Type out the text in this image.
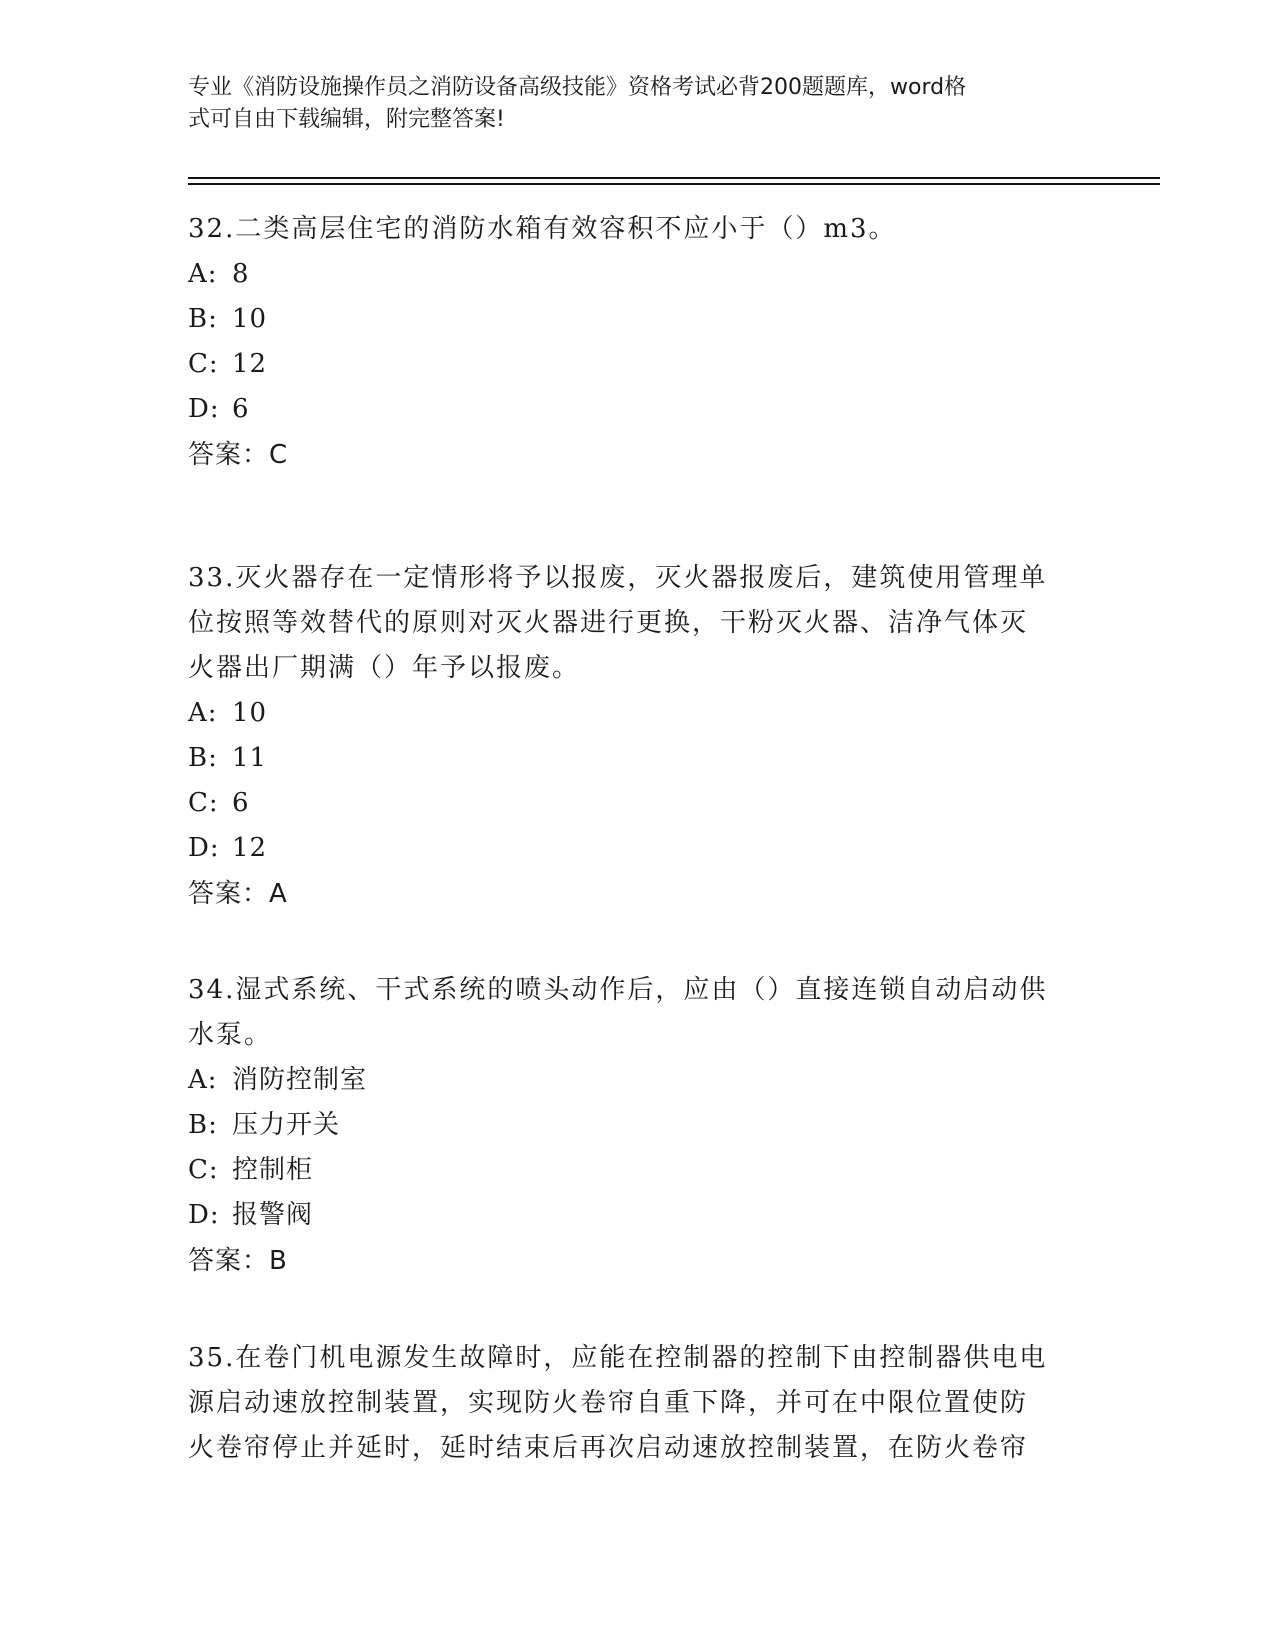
专业《消防设施操作员之消防设备高级技能》资格考试必背200题题库，word格
式可自由下载编辑，附完整答案!

32.二类高层住宅的消防水箱有效容积不应小于（）m3。

A: 8

B: 10

C: 12

D: 6

答案：C

33.灭火器存在一定情形将予以报废，灭火器报废后，建筑使用管理单

位按照等效替代的原则对灭火器进行更换，干粉灭火器、洁净气体灭

火器出厂期满（）年予以报废。

A: 10

B: 11

C: 6

D: 12

答案：A

34.湿式系统、干式系统的喷头动作后，应由（）直接连锁自动启动供

水泵。

A: 消防控制室

B: 压力开关

C: 控制柜

D: 报警阀

答案：B

35.在卷门机电源发生故障时，应能在控制器的控制下由控制器供电电

源启动速放控制装置，实现防火卷帘自重下降，并可在中限位置使防

火卷帘停止并延时，延时结束后再次启动速放控制装置，在防火卷帘
